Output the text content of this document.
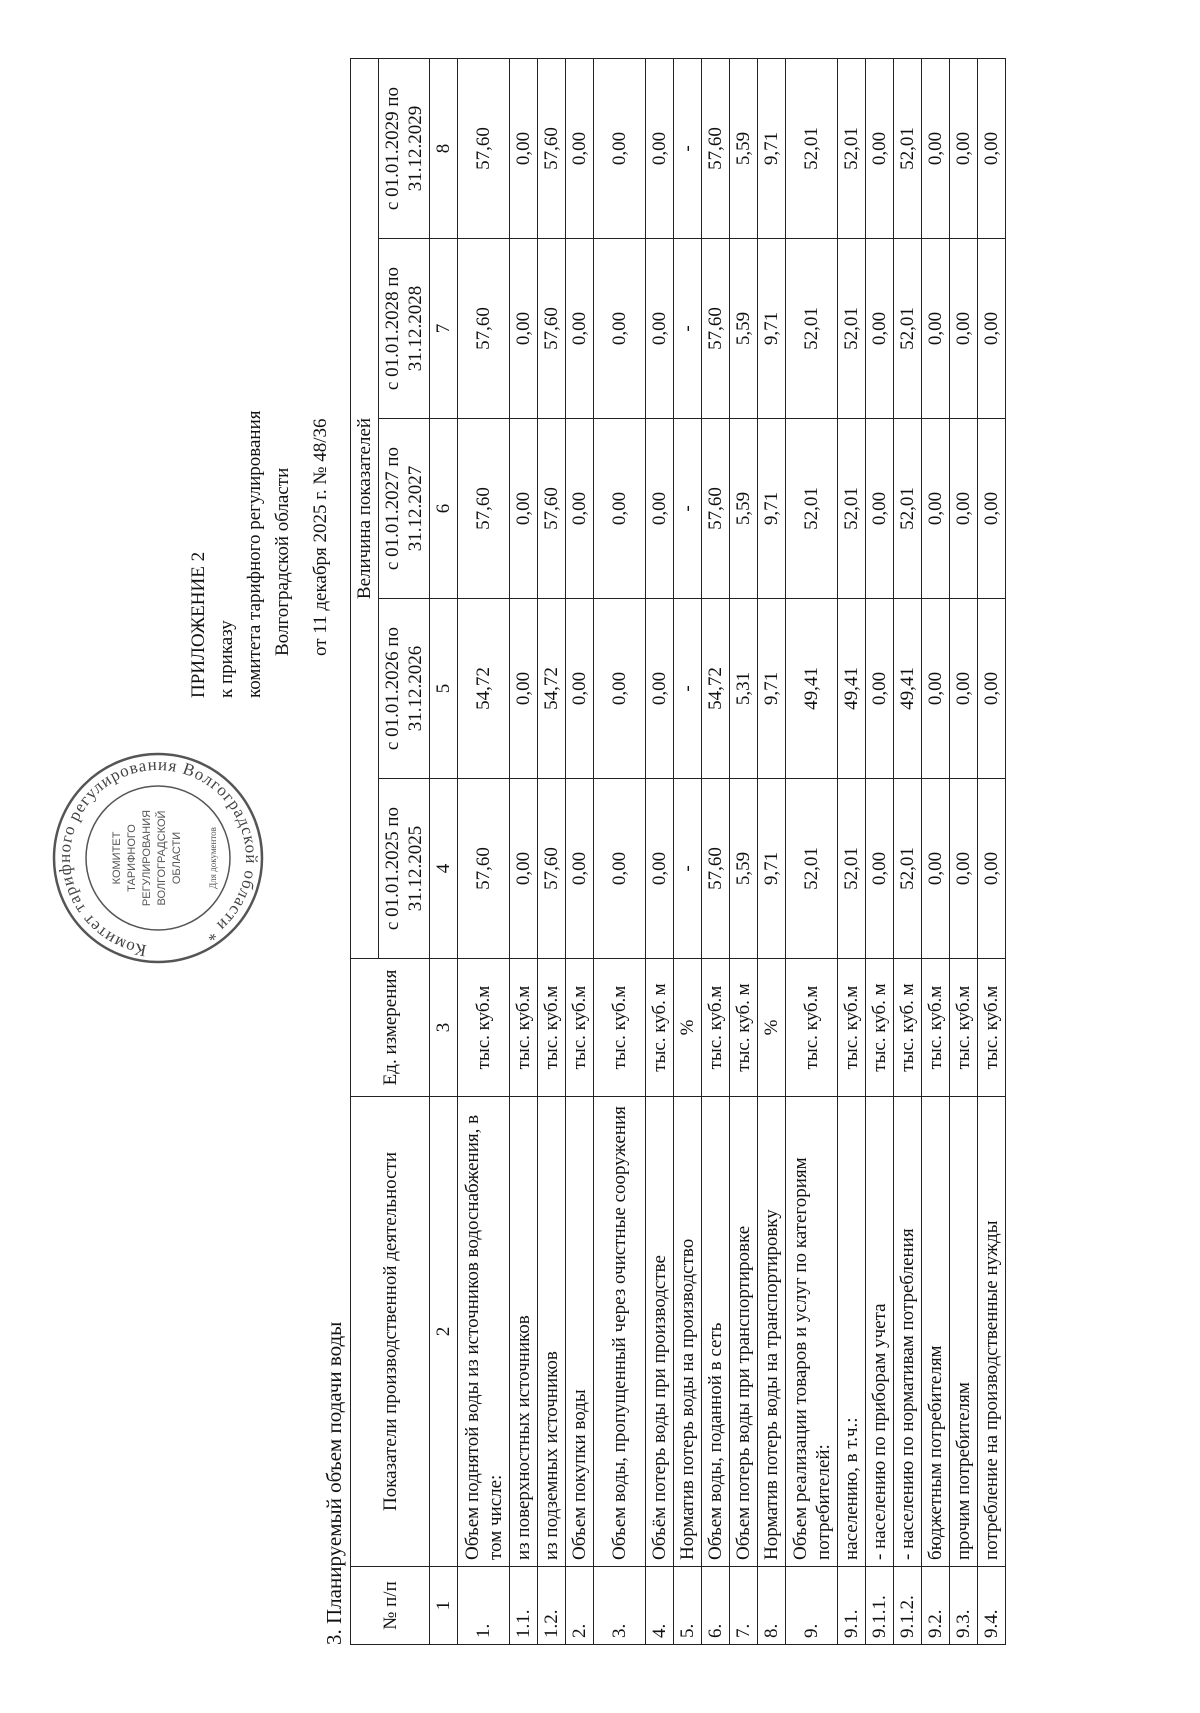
Комитет тарифного регулирования Волгоградской области *
КОМИТЕТ ТАРИФНОГО РЕГУЛИРОВАНИЯ ВОЛГОГРАДСКОЙ ОБЛАСТИ	Для документов
ПРИЛОЖЕНИЕ 2 к приказу комитета тарифного регулирования Волгоградской области от 11 декабря 2025 г. № 48/36
3. Планируемый объем подачи воды № п/п	Показатели производственной деятельности	Ед. измерения	Величина показателей				
			с 01.01.2025 по 31.12.2025	с 01.01.2026 по 31.12.2026	с 01.01.2027 по 31.12.2027	с 01.01.2028 по 31.12.2028	с 01.01.2029 по 31.12.2029
1	2	3	4	5	6	7	8
1.	Объем поднятой воды из источников водоснабжения, в том числе:	тыс. куб.м	57,60	54,72	57,60	57,60	57,60
1.1.	из поверхностных источников	тыс. куб.м	0,00	0,00	0,00	0,00	0,00
1.2.	из подземных источников	тыс. куб.м	57,60	54,72	57,60	57,60	57,60
2.	Объем покупки воды	тыс. куб.м	0,00	0,00	0,00	0,00	0,00
3.	Объем воды, пропущенный через очистные сооружения	тыс. куб.м	0,00	0,00	0,00	0,00	0,00
4.	Объём потерь воды при производстве	тыс. куб. м	0,00	0,00	0,00	0,00	0,00
5.	Норматив потерь воды на производство	%	-	-	-	-	-
6.	Объем воды, поданной в сеть	тыс. куб.м	57,60	54,72	57,60	57,60	57,60
7.	Объем потерь воды при транспортировке	тыс. куб. м	5,59	5,31	5,59	5,59	5,59
8.	Норматив потерь воды на транспортировку	%	9,71	9,71	9,71	9,71	9,71
9.	Объем реализации товаров и услуг по категориям потребителей:	тыс. куб.м	52,01	49,41	52,01	52,01	52,01
9.1.	населению, в т.ч.:	тыс. куб.м	52,01	49,41	52,01	52,01	52,01
9.1.1.	- населению по приборам учета	тыс. куб. м	0,00	0,00	0,00	0,00	0,00
9.1.2.	- населению по нормативам потребления	тыс. куб. м	52,01	49,41	52,01	52,01	52,01
9.2.	бюджетным потребителям	тыс. куб.м	0,00	0,00	0,00	0,00	0,00
9.3.	прочим потребителям	тыс. куб.м	0,00	0,00	0,00	0,00	0,00
9.4.	потребление на производственные нужды	тыс. куб.м	0,00	0,00	0,00	0,00	0,00
